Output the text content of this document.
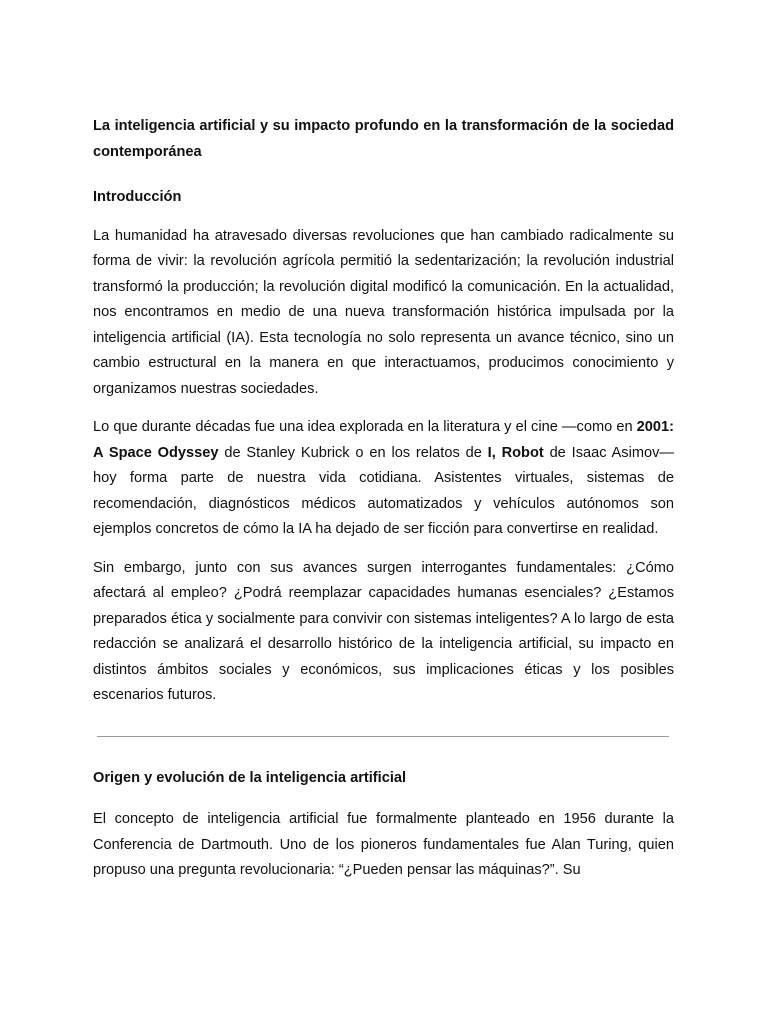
La inteligencia artificial y su impacto profundo en la transformación de la sociedad contemporánea
Introducción

La humanidad ha atravesado diversas revoluciones que han cambiado radicalmente su forma de vivir: la revolución agrícola permitió la sedentarización; la revolución industrial transformó la producción; la revolución digital modificó la comunicación. En la actualidad, nos encontramos en medio de una nueva transformación histórica impulsada por la inteligencia artificial (IA). Esta tecnología no solo representa un avance técnico, sino un cambio estructural en la manera en que interactuamos, producimos conocimiento y organizamos nuestras sociedades.

Lo que durante décadas fue una idea explorada en la literatura y el cine —como en 2001: A Space Odyssey de Stanley Kubrick o en los relatos de I, Robot de Isaac Asimov— hoy forma parte de nuestra vida cotidiana. Asistentes virtuales, sistemas de recomendación, diagnósticos médicos automatizados y vehículos autónomos son ejemplos concretos de cómo la IA ha dejado de ser ficción para convertirse en realidad.

Sin embargo, junto con sus avances surgen interrogantes fundamentales: ¿Cómo afectará al empleo? ¿Podrá reemplazar capacidades humanas esenciales? ¿Estamos preparados ética y socialmente para convivir con sistemas inteligentes? A lo largo de esta redacción se analizará el desarrollo histórico de la inteligencia artificial, su impacto en distintos ámbitos sociales y económicos, sus implicaciones éticas y los posibles escenarios futuros.

Origen y evolución de la inteligencia artificial

El concepto de inteligencia artificial fue formalmente planteado en 1956 durante la Conferencia de Dartmouth. Uno de los pioneros fundamentales fue Alan Turing, quien propuso una pregunta revolucionaria: “¿Pueden pensar las máquinas?”. Su
